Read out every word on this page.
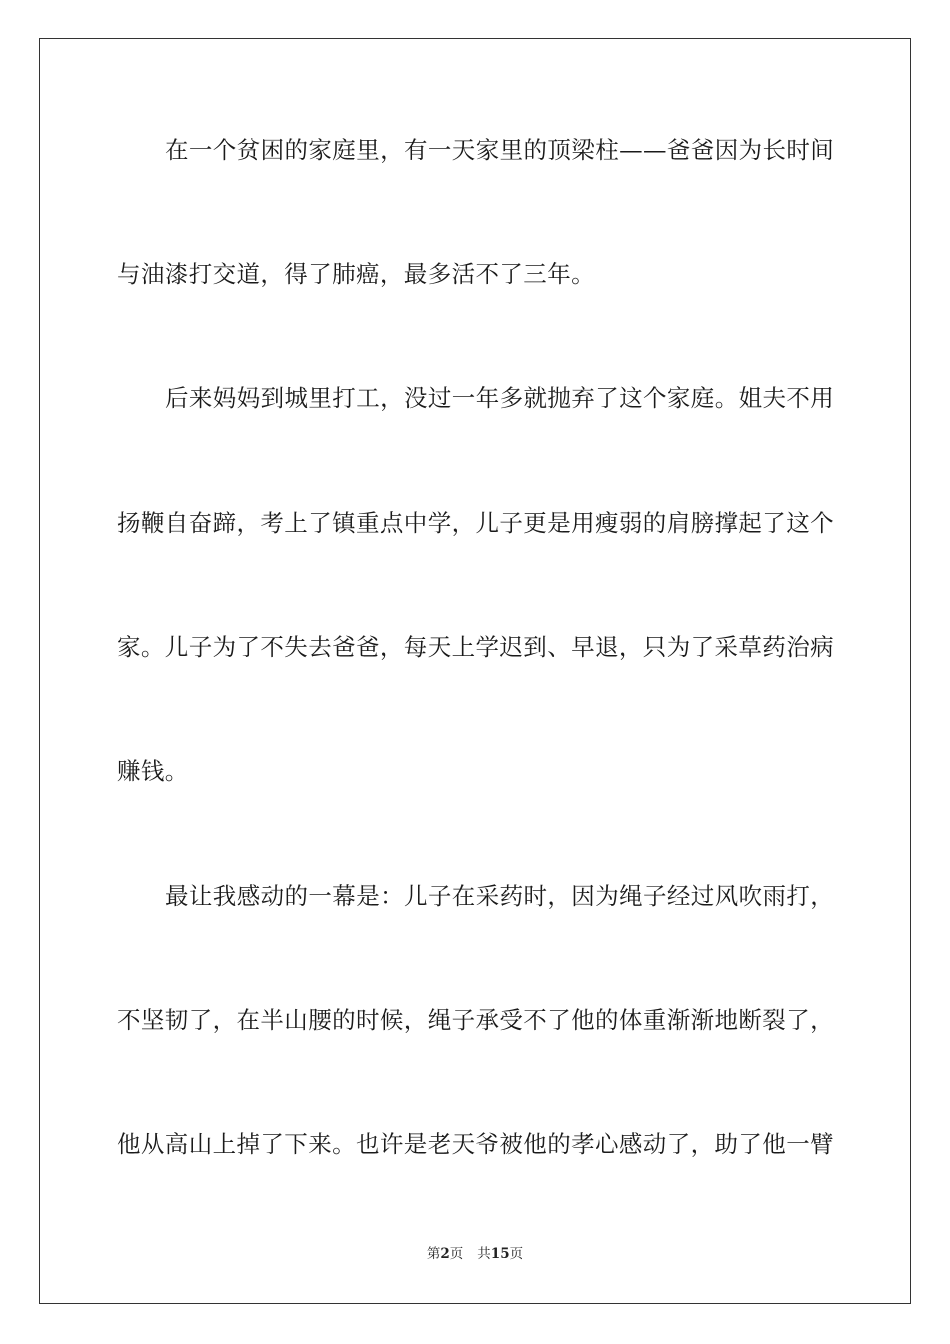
在一个贫困的家庭里，有一天家里的顶梁柱——爸爸因为长时间
与油漆打交道，得了肺癌，最多活不了三年。
后来妈妈到城里打工，没过一年多就抛弃了这个家庭。姐夫不用
扬鞭自奋蹄，考上了镇重点中学，儿子更是用瘦弱的肩膀撑起了这个
家。儿子为了不失去爸爸，每天上学迟到、早退，只为了采草药治病
赚钱。
最让我感动的一幕是：儿子在采药时，因为绳子经过风吹雨打，
不坚韧了，在半山腰的时候，绳子承受不了他的体重渐渐地断裂了，
他从高山上掉了下来。也许是老天爷被他的孝心感动了，助了他一臂
第2页 共15页
